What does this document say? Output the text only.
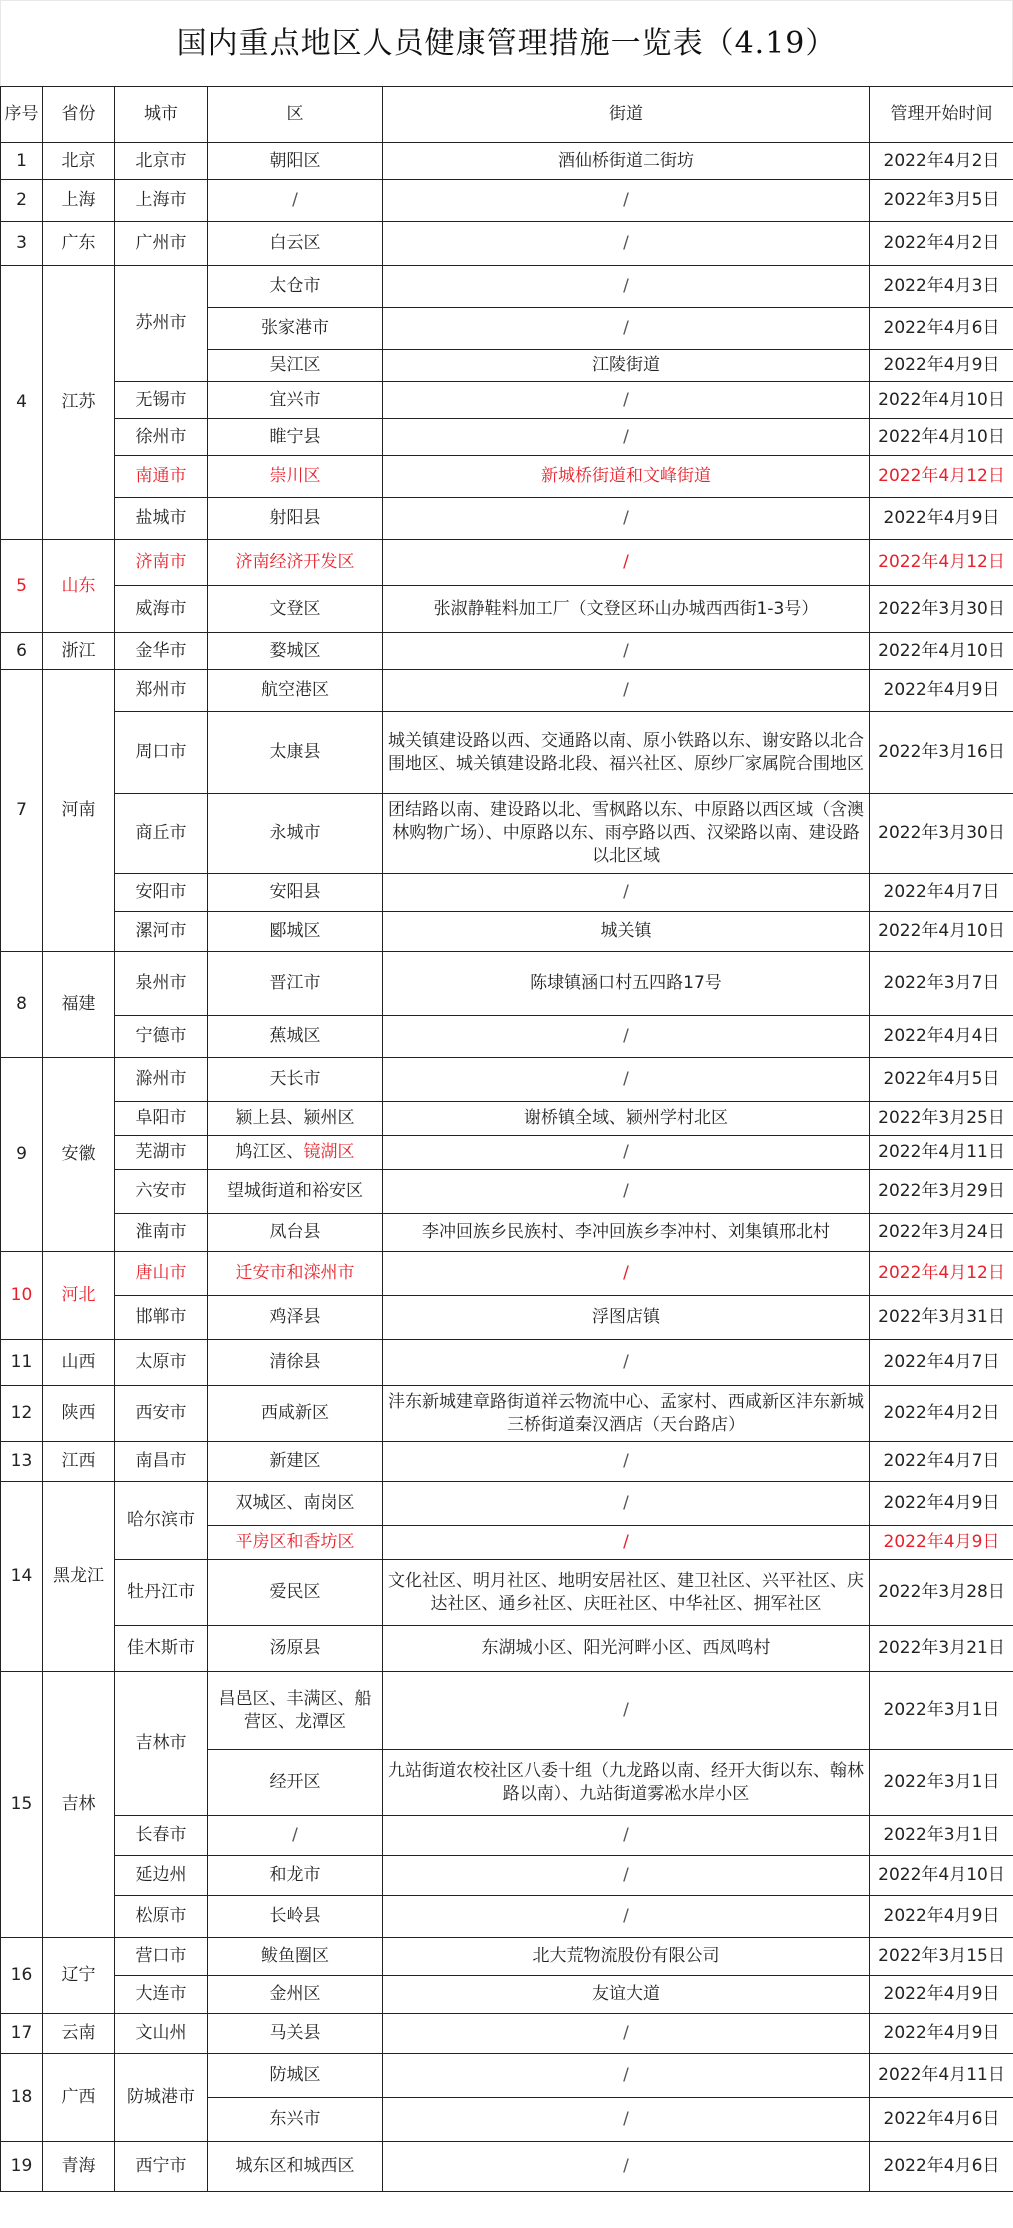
国内重点地区人员健康管理措施一览表（4.19）
序号	省份	城市	区	街道	管理开始时间
1	北京	北京市	朝阳区	酒仙桥街道二街坊	2022年4月2日
2	上海	上海市	/	/	2022年3月5日
3	广东	广州市	白云区	/	2022年4月2日
4	江苏	苏州市	太仓市	/	2022年4月3日
			张家港市	/	2022年4月6日
			吴江区	江陵街道	2022年4月9日
		无锡市	宜兴市	/	2022年4月10日
		徐州市	睢宁县	/	2022年4月10日
		南通市	崇川区	新城桥街道和文峰街道	2022年4月12日
		盐城市	射阳县	/	2022年4月9日
5	山东	济南市	济南经济开发区	/	2022年4月12日
		威海市	文登区	张淑静鞋料加工厂（文登区环山办城西西街1-3号）	2022年3月30日
6	浙江	金华市	婺城区	/	2022年4月10日
7	河南	郑州市	航空港区	/	2022年4月9日
		周口市	太康县	城关镇建设路以西、交通路以南、原小铁路以东、谢安路以北合围地区、城关镇建设路北段、福兴社区、原纱厂家属院合围地区	2022年3月16日
		商丘市	永城市	团结路以南、建设路以北、雪枫路以东、中原路以西区域（含澳林购物广场）、中原路以东、雨亭路以西、汉梁路以南、建设路以北区域	2022年3月30日
		安阳市	安阳县	/	2022年4月7日
		漯河市	郾城区	城关镇	2022年4月10日
8	福建	泉州市	晋江市	陈埭镇涵口村五四路17号	2022年3月7日
		宁德市	蕉城区	/	2022年4月4日
9	安徽	滁州市	天长市	/	2022年4月5日
		阜阳市	颍上县、颍州区	谢桥镇全域、颍州学村北区	2022年3月25日
		芜湖市	鸠江区、镜湖区	/	2022年4月11日
		六安市	望城街道和裕安区	/	2022年3月29日
		淮南市	凤台县	李冲回族乡民族村、李冲回族乡李冲村、刘集镇邢北村	2022年3月24日
10	河北	唐山市	迁安市和滦州市	/	2022年4月12日
		邯郸市	鸡泽县	浮图店镇	2022年3月31日
11	山西	太原市	清徐县	/	2022年4月7日
12	陕西	西安市	西咸新区	沣东新城建章路街道祥云物流中心、孟家村、西咸新区沣东新城三桥街道秦汉酒店（天台路店）	2022年4月2日
13	江西	南昌市	新建区	/	2022年4月7日
14	黑龙江	哈尔滨市	双城区、南岗区	/	2022年4月9日
			平房区和香坊区	/	2022年4月9日
		牡丹江市	爱民区	文化社区、明月社区、地明安居社区、建卫社区、兴平社区、庆达社区、通乡社区、庆旺社区、中华社区、拥军社区	2022年3月28日
		佳木斯市	汤原县	东湖城小区、阳光河畔小区、西凤鸣村	2022年3月21日
15	吉林	吉林市	昌邑区、丰满区、船营区、龙潭区	/	2022年3月1日
			经开区	九站街道农校社区八委十组（九龙路以南、经开大街以东、翰林路以南）、九站街道雾凇水岸小区	2022年3月1日
		长春市	/	/	2022年3月1日
		延边州	和龙市	/	2022年4月10日
		松原市	长岭县	/	2022年4月9日
16	辽宁	营口市	鲅鱼圈区	北大荒物流股份有限公司	2022年3月15日
		大连市	金州区	友谊大道	2022年4月9日
17	云南	文山州	马关县	/	2022年4月9日
18	广西	防城港市	防城区	/	2022年4月11日
			东兴市	/	2022年4月6日
19	青海	西宁市	城东区和城西区	/	2022年4月6日
